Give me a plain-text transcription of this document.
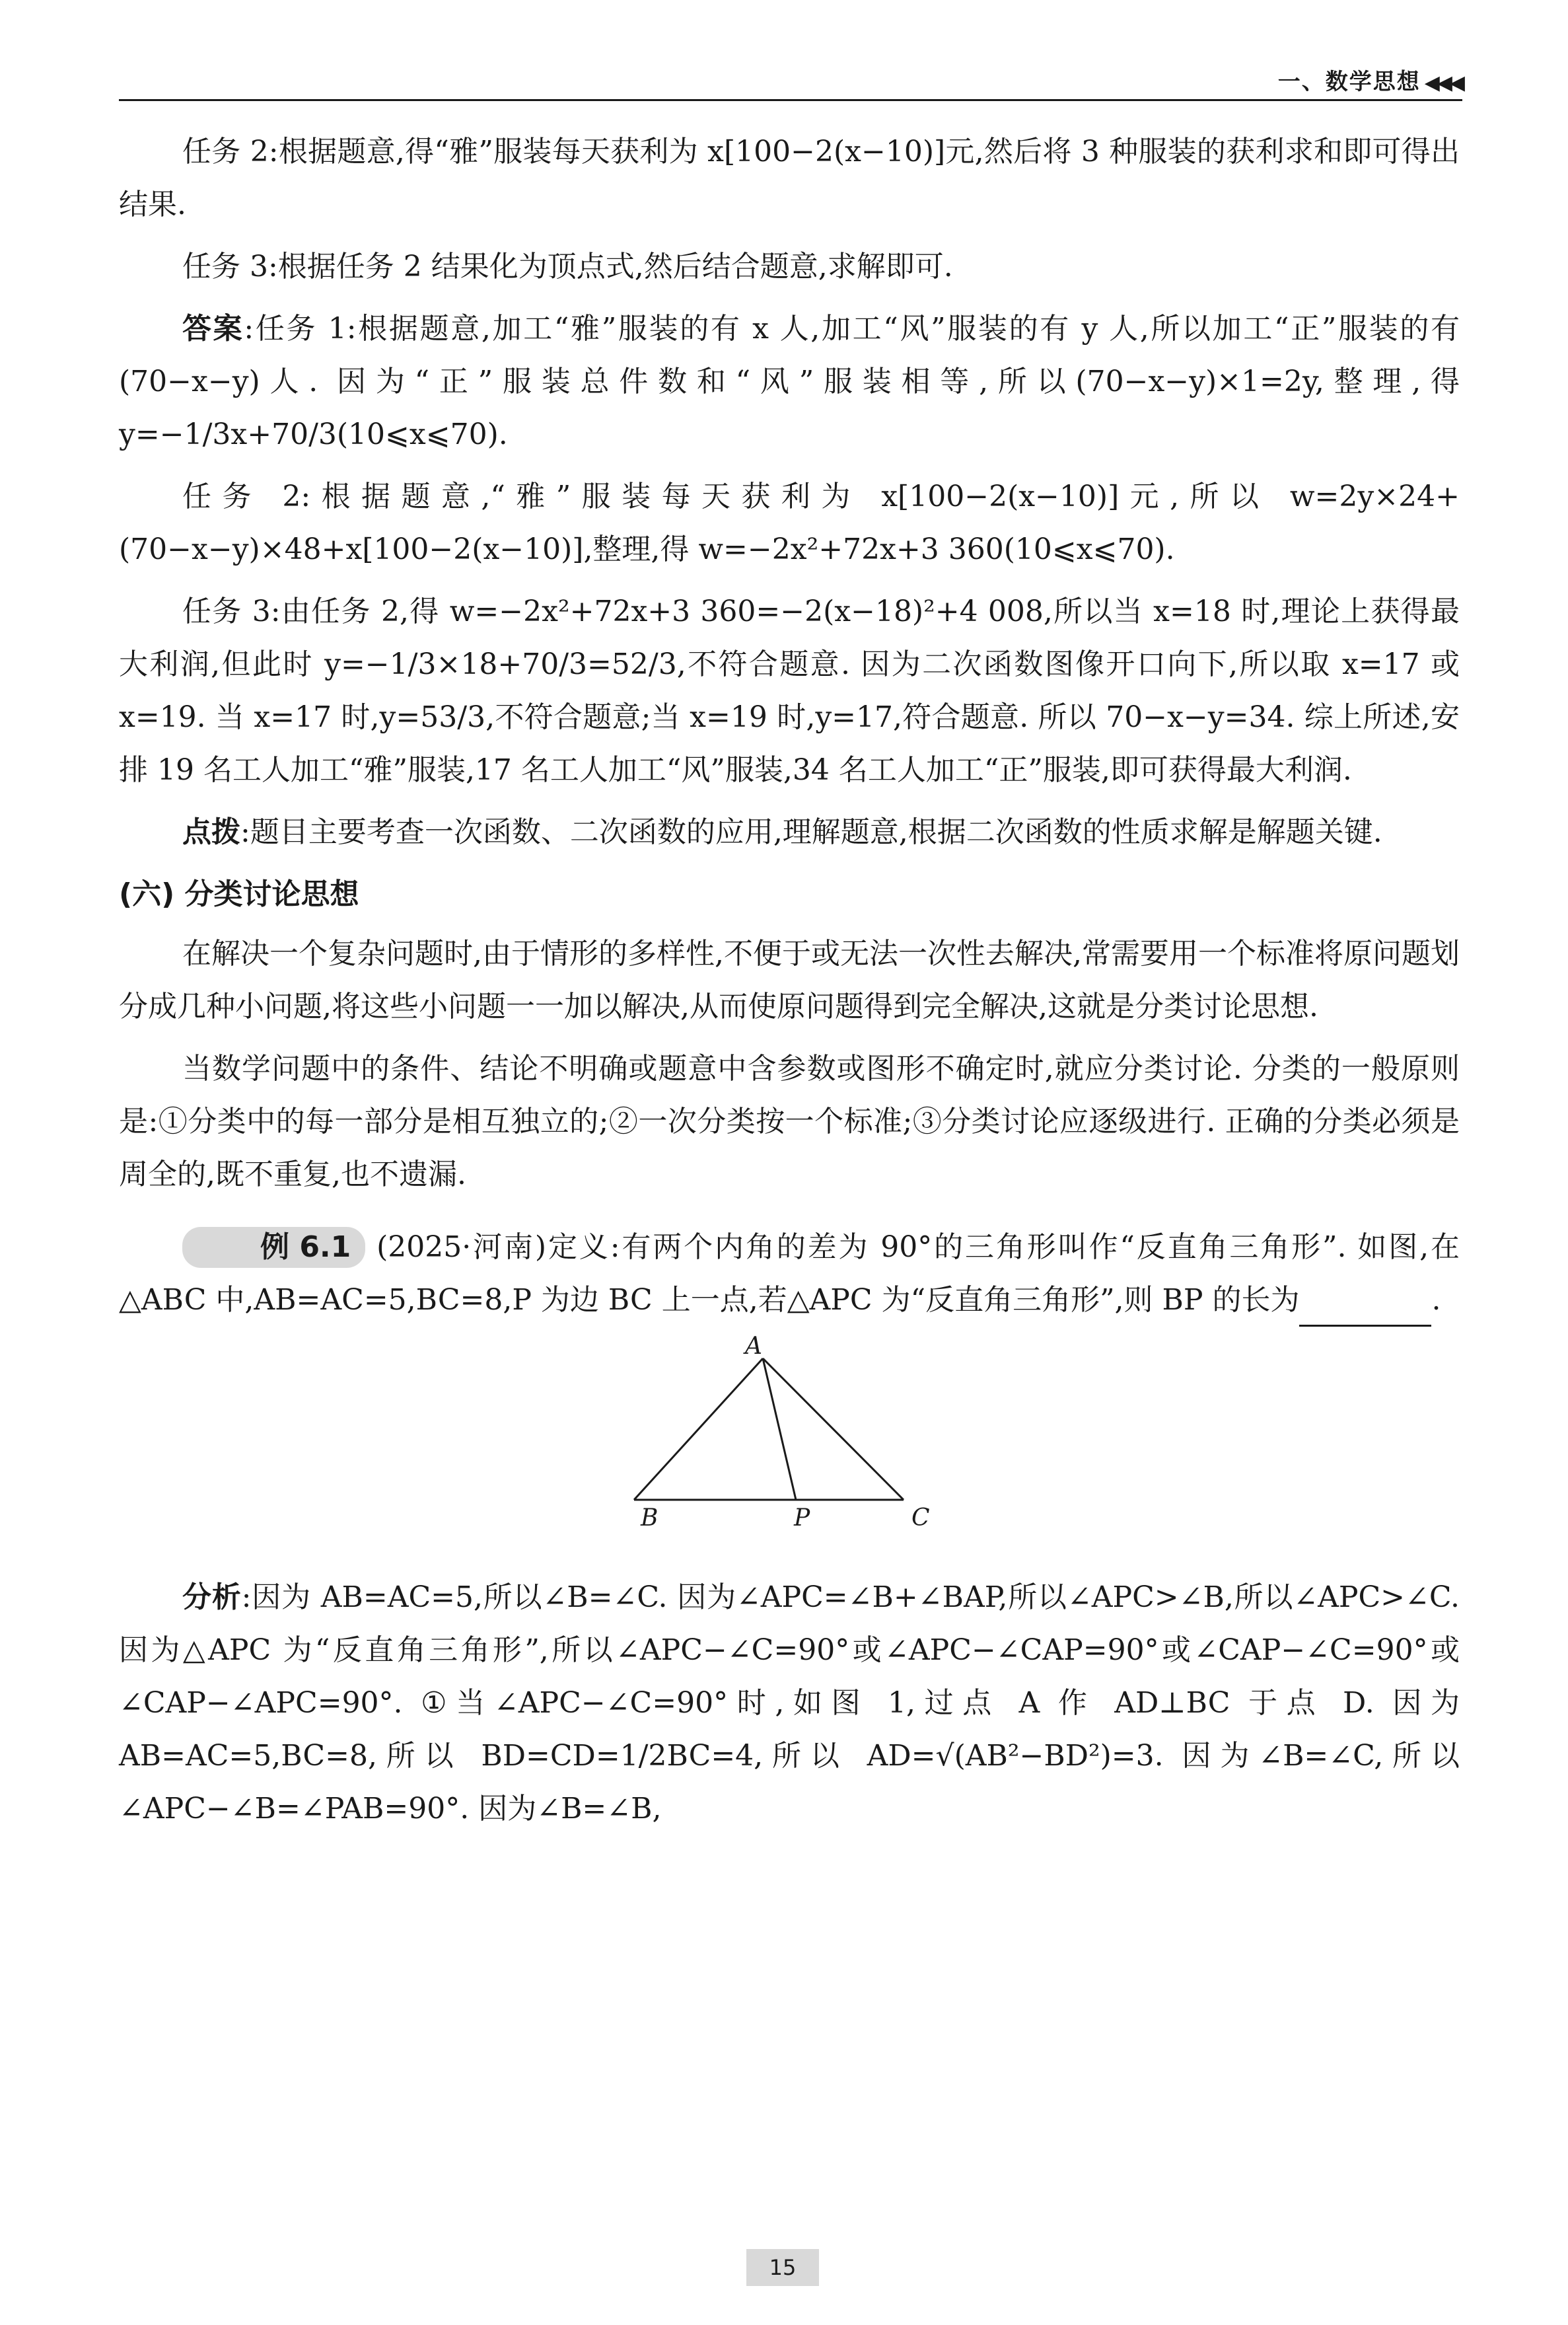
一、数学思想 ◀◀◀

任务 2:根据题意,得“雅”服装每天获利为 x[100−2(x−10)]元,然后将 3 种服装的获利求和即可得出结果.

任务 3:根据任务 2 结果化为顶点式,然后结合题意,求解即可.

答案:任务 1:根据题意,加工“雅”服装的有 x 人,加工“风”服装的有 y 人,所以加工“正”服装的有(70−x−y)人. 因为“正”服装总件数和“风”服装相等,所以(70−x−y)×1=2y,整理,得 y=−1/3x+70/3(10⩽x⩽70).

任务 2:根据题意,“雅”服装每天获利为 x[100−2(x−10)]元,所以 w=2y×24+(70−x−y)×48+x[100−2(x−10)],整理,得 w=−2x²+72x+3 360(10⩽x⩽70).

任务 3:由任务 2,得 w=−2x²+72x+3 360=−2(x−18)²+4 008,所以当 x=18 时,理论上获得最大利润,但此时 y=−1/3×18+70/3=52/3,不符合题意. 因为二次函数图像开口向下,所以取 x=17 或 x=19. 当 x=17 时,y=53/3,不符合题意;当 x=19 时,y=17,符合题意. 所以 70−x−y=34. 综上所述,安排 19 名工人加工“雅”服装,17 名工人加工“风”服装,34 名工人加工“正”服装,即可获得最大利润.

点拨:题目主要考查一次函数、二次函数的应用,理解题意,根据二次函数的性质求解是解题关键.

(六) 分类讨论思想

在解决一个复杂问题时,由于情形的多样性,不便于或无法一次性去解决,常需要用一个标准将原问题划分成几种小问题,将这些小问题一一加以解决,从而使原问题得到完全解决,这就是分类讨论思想.

当数学问题中的条件、结论不明确或题意中含参数或图形不确定时,就应分类讨论. 分类的一般原则是:①分类中的每一部分是相互独立的;②一次分类按一个标准;③分类讨论应逐级进行. 正确的分类必须是周全的,既不重复,也不遗漏.

例 6.1 (2025·河南)定义:有两个内角的差为 90°的三角形叫作“反直角三角形”. 如图,在△ABC 中,AB=AC=5,BC=8,P 为边 BC 上一点,若△APC 为“反直角三角形”,则 BP 的长为	.

A
B	P	C

分析:因为 AB=AC=5,所以∠B=∠C. 因为∠APC=∠B+∠BAP,所以∠APC>∠B,所以∠APC>∠C. 因为△APC 为“反直角三角形”,所以∠APC−∠C=90°或∠APC−∠CAP=90°或∠CAP−∠C=90°或∠CAP−∠APC=90°. ①当∠APC−∠C=90°时,如图 1,过点 A 作 AD⊥BC 于点 D. 因为 AB=AC=5,BC=8,所以 BD=CD=1/2BC=4,所以 AD=√(AB²−BD²)=3. 因为∠B=∠C,所以∠APC−∠B=∠PAB=90°. 因为∠B=∠B,

15
